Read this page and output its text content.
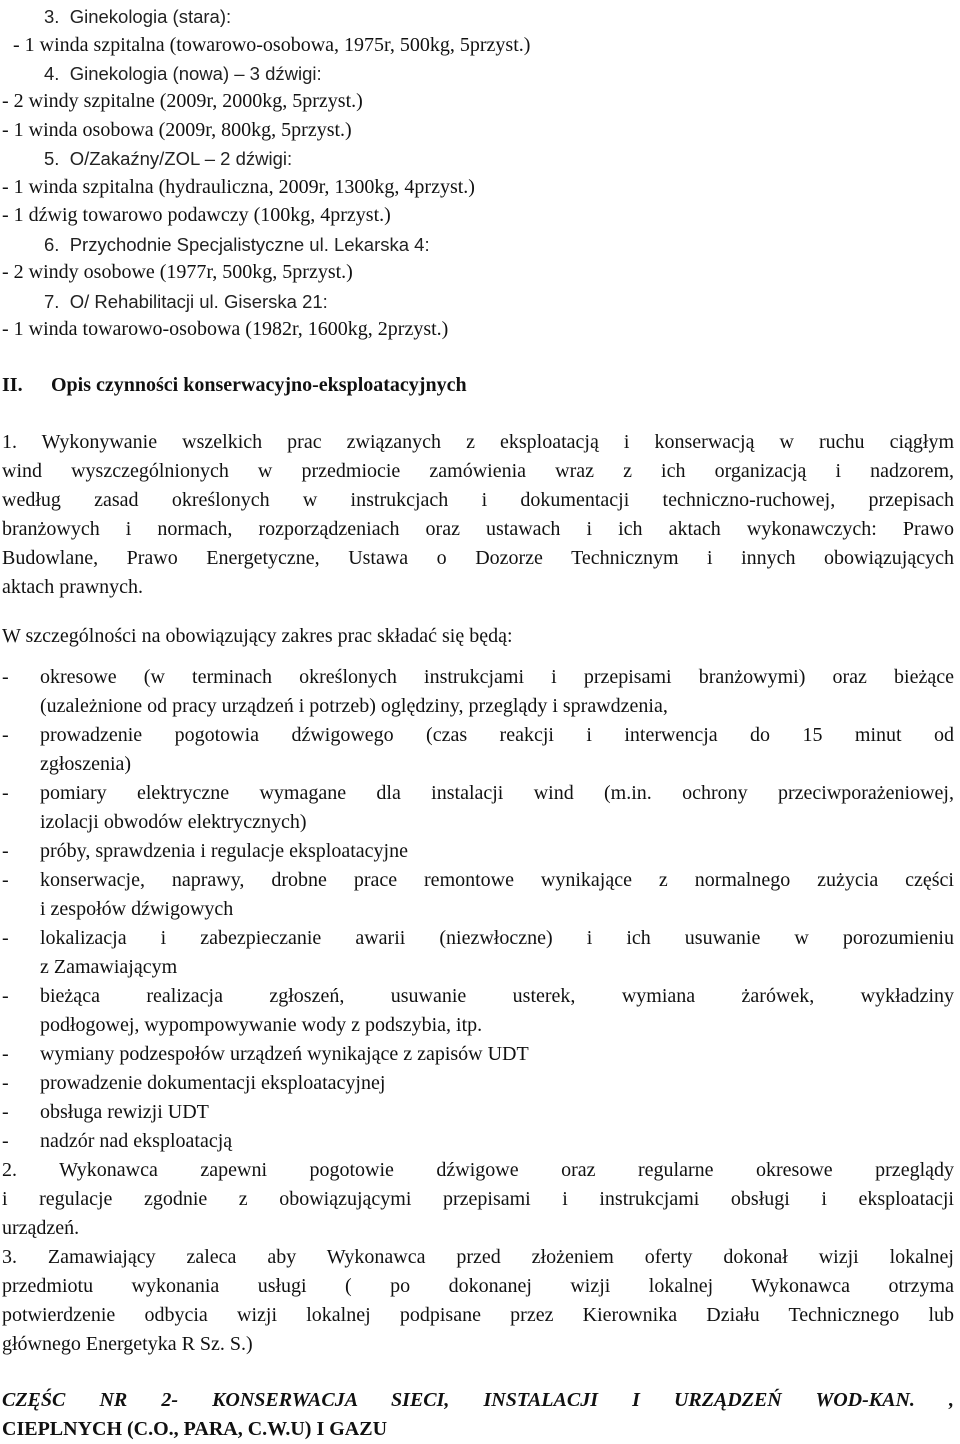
3.  Ginekologia (stara):
- 1 winda szpitalna (towarowo-osobowa, 1975r, 500kg, 5przyst.)
4.  Ginekologia (nowa) – 3 dźwigi:
- 2 windy szpitalne (2009r, 2000kg, 5przyst.)
- 1 winda osobowa (2009r, 800kg, 5przyst.)
5.  O/Zakaźny/ZOL – 2 dźwigi:
- 1 winda szpitalna (hydrauliczna, 2009r, 1300kg, 4przyst.)
- 1 dźwig towarowo podawczy (100kg, 4przyst.)
6.  Przychodnie Specjalistyczne ul. Lekarska 4:
- 2 windy osobowe (1977r, 500kg, 5przyst.)
7.  O/ Rehabilitacji ul. Giserska 21:
- 1 winda towarowo-osobowa (1982r, 1600kg, 2przyst.)
II. Opis czynności konserwacyjno-eksploatacyjnych
1. Wykonywanie wszelkich prac związanych z eksploatacją i konserwacją w ruchu ciągłym
wind wyszczególnionych w przedmiocie zamówienia wraz z ich organizacją i nadzorem,
według zasad określonych w instrukcjach i dokumentacji techniczno-ruchowej, przepisach
branżowych i normach, rozporządzeniach oraz ustawach i ich aktach wykonawczych: Prawo
Budowlane, Prawo Energetyczne, Ustawa o Dozorze Technicznym i innych obowiązujących
aktach prawnych.
W szczególności na obowiązujący zakres prac składać się będą:
- okresowe (w terminach określonych instrukcjami i przepisami branżowymi) oraz bieżące
(uzależnione od pracy urządzeń i potrzeb) oględziny, przeglądy i sprawdzenia,
- prowadzenie pogotowia dźwigowego (czas reakcji i interwencja do 15 minut od
zgłoszenia)
- pomiary elektryczne wymagane dla instalacji wind (m.in. ochrony przeciwporażeniowej,
izolacji obwodów elektrycznych)
- próby, sprawdzenia i regulacje eksploatacyjne
- konserwacje, naprawy, drobne prace remontowe wynikające z normalnego zużycia części
i zespołów dźwigowych
- lokalizacja i zabezpieczanie awarii (niezwłoczne) i ich usuwanie w porozumieniu
z Zamawiającym
- bieżąca realizacja zgłoszeń, usuwanie usterek, wymiana żarówek, wykładziny
podłogowej, wypompowywanie wody z podszybia, itp.
- wymiany podzespołów urządzeń wynikające z zapisów UDT
- prowadzenie dokumentacji eksploatacyjnej
- obsługa rewizji UDT
- nadzór nad eksploatacją
2. Wykonawca zapewni pogotowie dźwigowe oraz regularne okresowe przeglądy
i regulacje zgodnie z obowiązującymi przepisami i instrukcjami obsługi i eksploatacji
urządzeń.
3. Zamawiający zaleca aby Wykonawca przed złożeniem oferty dokonał wizji lokalnej
przedmiotu wykonania usługi ( po dokonanej wizji lokalnej Wykonawca otrzyma
potwierdzenie odbycia wizji lokalnej podpisane przez Kierownika Działu Technicznego lub
głównego Energetyka R Sz. S.)
CZĘŚC NR 2- KONSERWACJA SIECI, INSTALACJI I URZĄDZEŃ WOD-KAN. ,
CIEPLNYCH (C.O., PARA, C.W.U) I GAZU
